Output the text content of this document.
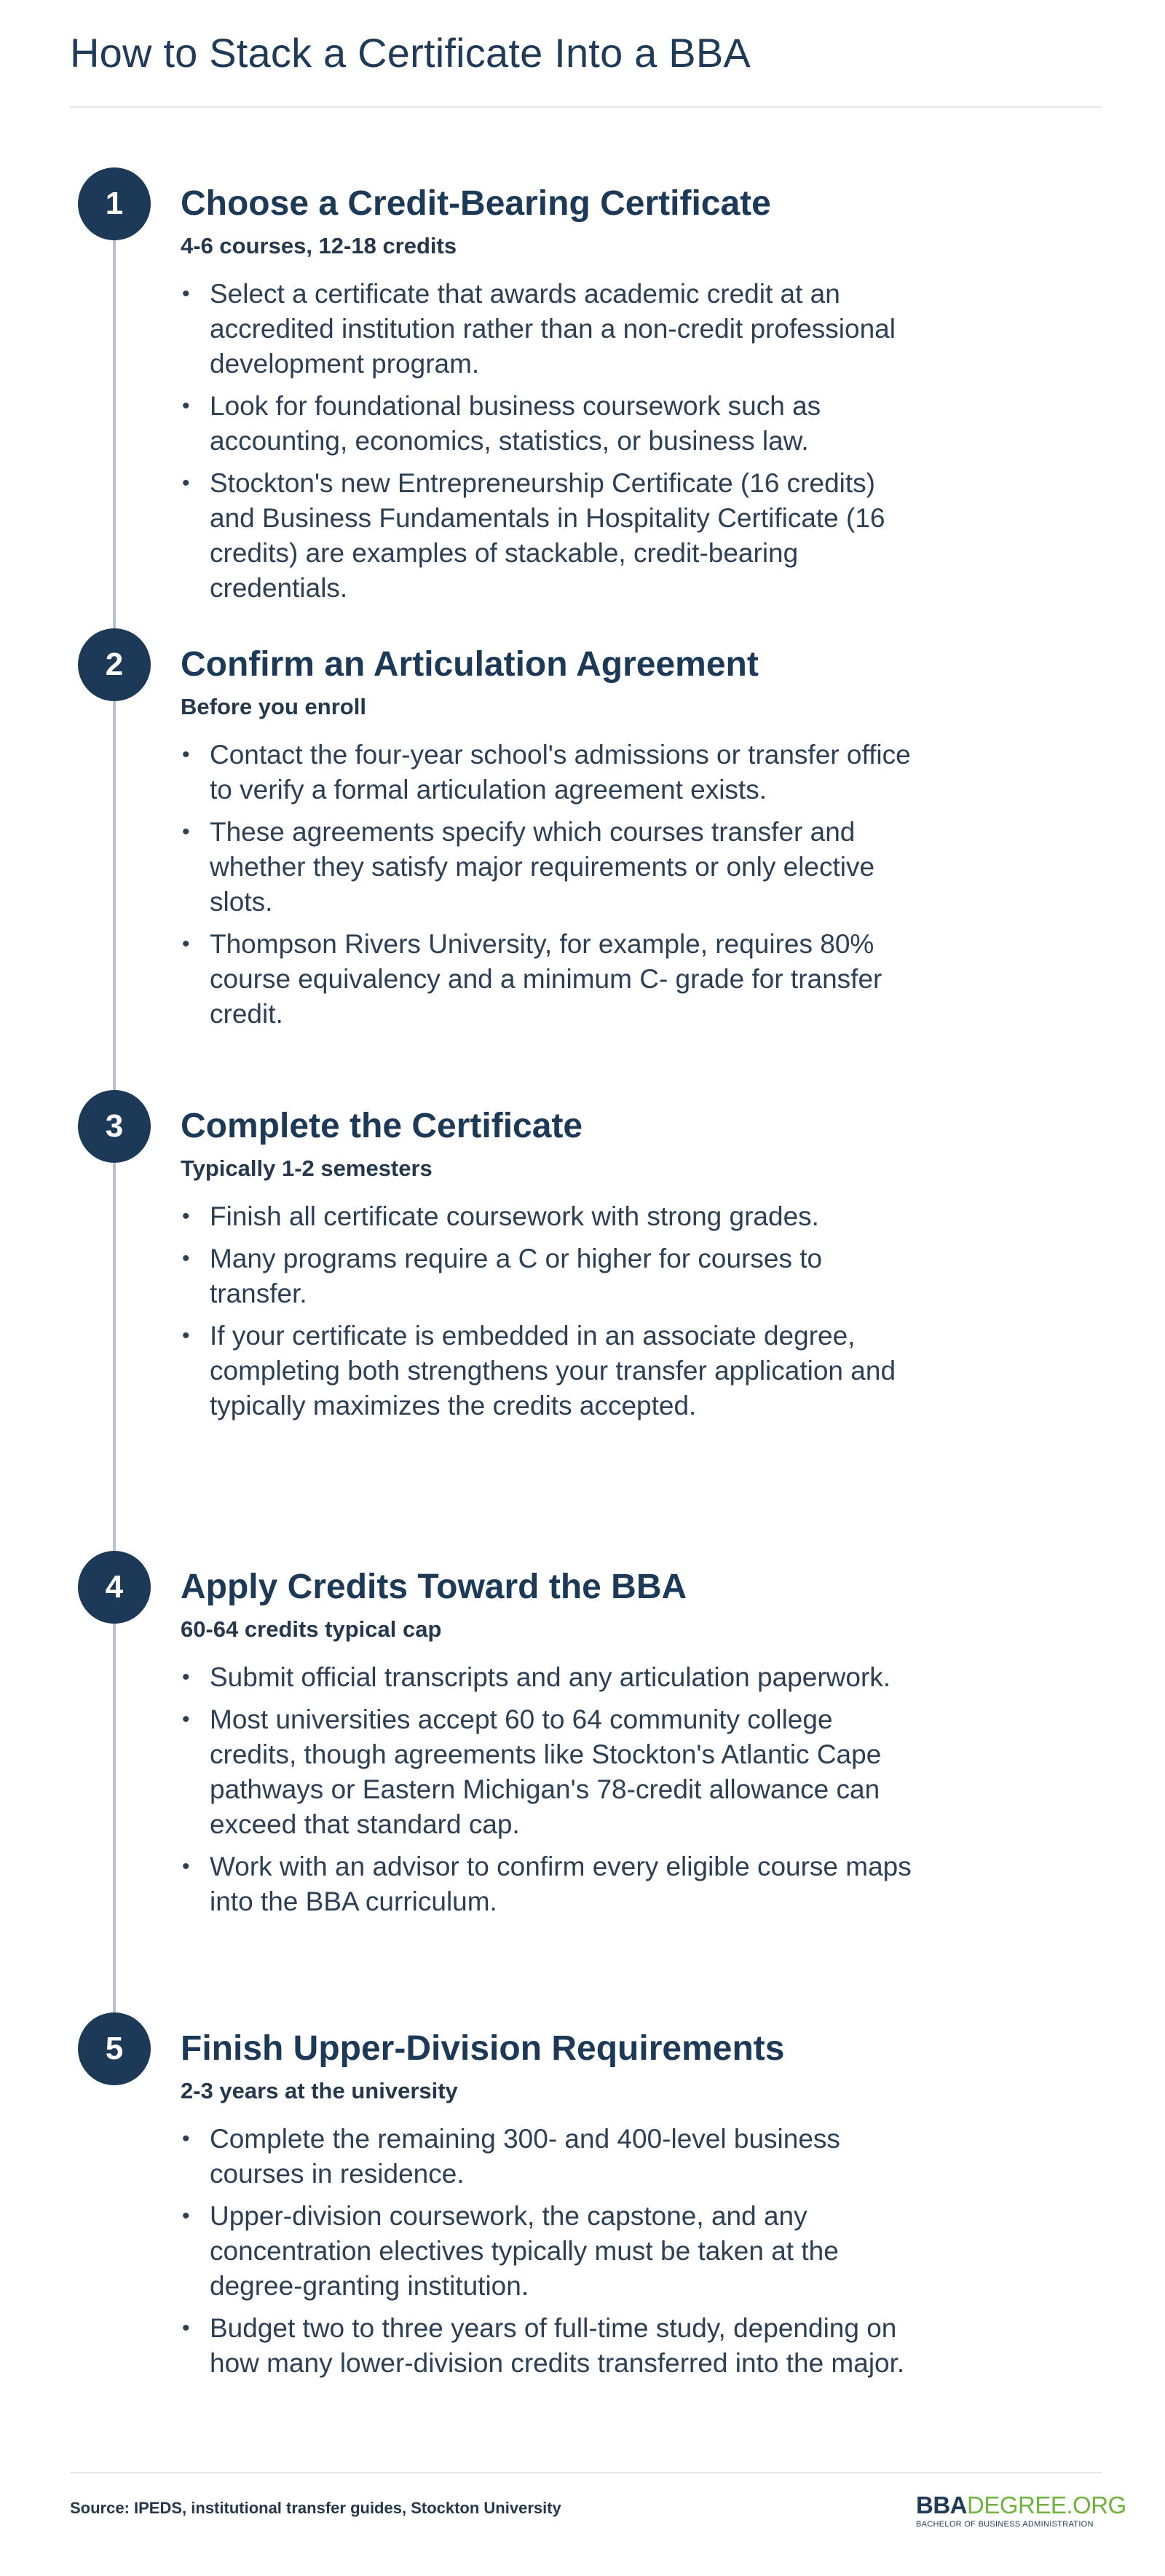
How to Stack a Certificate Into a BBA
1	Choose a Credit-Bearing Certificate
4-6 courses, 12-18 credits
• Select a certificate that awards academic credit at an accredited institution rather than a non-credit professional development program.
• Look for foundational business coursework such as accounting, economics, statistics, or business law.
• Stockton's new Entrepreneurship Certificate (16 credits) and Business Fundamentals in Hospitality Certificate (16 credits) are examples of stackable, credit-bearing credentials.
2	Confirm an Articulation Agreement
Before you enroll
• Contact the four-year school's admissions or transfer office to verify a formal articulation agreement exists.
• These agreements specify which courses transfer and whether they satisfy major requirements or only elective slots.
• Thompson Rivers University, for example, requires 80% course equivalency and a minimum C- grade for transfer credit.
3	Complete the Certificate
Typically 1-2 semesters
• Finish all certificate coursework with strong grades.
• Many programs require a C or higher for courses to transfer.
• If your certificate is embedded in an associate degree, completing both strengthens your transfer application and typically maximizes the credits accepted.
4	Apply Credits Toward the BBA
60-64 credits typical cap
• Submit official transcripts and any articulation paperwork.
• Most universities accept 60 to 64 community college credits, though agreements like Stockton's Atlantic Cape pathways or Eastern Michigan's 78-credit allowance can exceed that standard cap.
• Work with an advisor to confirm every eligible course maps into the BBA curriculum.
5	Finish Upper-Division Requirements
2-3 years at the university
• Complete the remaining 300- and 400-level business courses in residence.
• Upper-division coursework, the capstone, and any concentration electives typically must be taken at the degree-granting institution.
• Budget two to three years of full-time study, depending on how many lower-division credits transferred into the major.
Source: IPEDS, institutional transfer guides, Stockton University	BBADEGREE.ORG
BACHELOR OF BUSINESS ADMINISTRATION
